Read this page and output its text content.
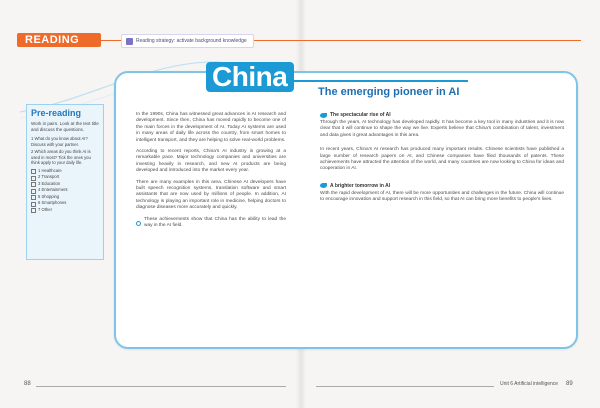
READING	Reading strategy: activate background knowledge
China	The emerging pioneer in AI
Pre-reading
Work in pairs. Look at the text title and discuss the questions.
1 What do you know about AI? Discuss with your partner.
2 Which areas do you think AI is used in most? Tick the ones you think apply to your daily life.
1 Healthcare
2 Transport
3 Education
4 Entertainment
5 Shopping
6 Smartphones
7 Other

In the 1990s, China has witnessed great advances in AI research and development. Since then, China has moved rapidly to become one of the main forces in the development of AI. Today AI systems are used in many areas of daily life across the country, from smart homes to intelligent transport, and they are helping to solve real-world problems.

According to recent reports, China's AI industry is growing at a remarkable pace. Major technology companies and universities are investing heavily in research, and new AI products are being developed and introduced into the market every year.

There are many examples in this area. Chinese AI developers have built speech recognition systems, translation software and smart assistants that are now used by millions of people. In addition, AI technology is playing an important role in medicine, helping doctors to diagnose diseases more accurately and quickly.

These achievements show that China has the ability to lead the way in the AI field.

The spectacular rise of AI

Through the years, AI technology has developed rapidly. It has become a key tool in many industries and it is now clear that it will continue to shape the way we live. Experts believe that China's combination of talent, investment and data gives it great advantages in this area.

In recent years, China's AI research has produced many important results. Chinese scientists have published a large number of research papers on AI, and Chinese companies have filed thousands of patents. These achievements have attracted the attention of the world, and many countries are now looking to China for ideas and cooperation in AI.

A brighter tomorrow in AI

With the rapid development of AI, there will be more opportunities and challenges in the future. China will continue to encourage innovation and support research in this field, so that AI can bring more benefits to people's lives.

88	Unit 6 Artificial intelligence 89
